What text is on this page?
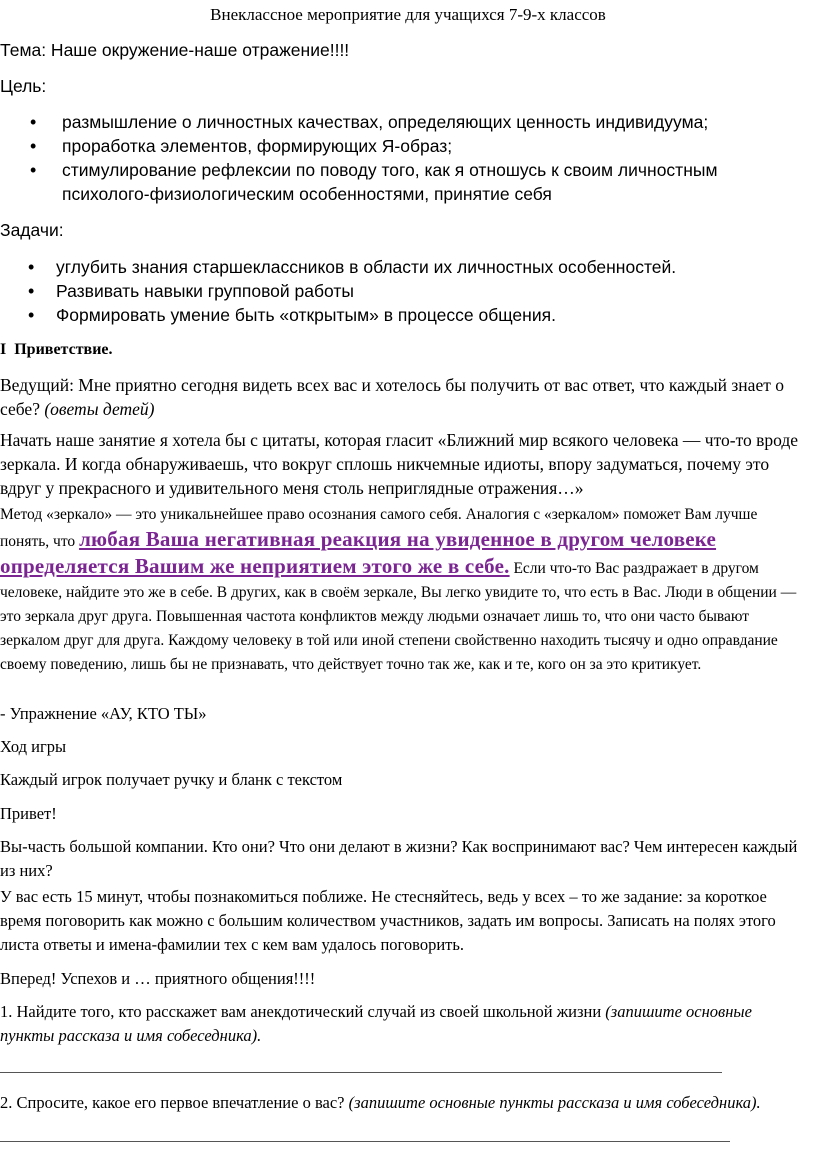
Внеклассное мероприятие для учащихся 7-9-х классов

Тема: Наше окружение-наше отражение!!!!

Цель:

• размышление о личностных качествах, определяющих ценность индивидуума;
• проработка элементов, формирующих Я-образ;
• стимулирование рефлексии по поводу того, как я отношусь к своим личностным психолого-физиологическим особенностями, принятие себя

Задачи:

• углубить знания старшеклассников в области их личностных особенностей.
• Развивать навыки групповой работы
• Формировать умение быть «открытым» в процессе общения.

I Приветствие.

Ведущий: Мне приятно сегодня видеть всех вас и хотелось бы получить от вас ответ, что каждый знает о себе? (оветы детей)

Начать наше занятие я хотела бы с цитаты, которая гласит «Ближний мир всякого человека — что-то вроде зеркала. И когда обнаруживаешь, что вокруг сплошь никчемные идиоты, впору задуматься, почему это вдруг у прекрасного и удивительного меня столь неприглядные отражения…»

Метод «зеркало» — это уникальнейшее право осознания самого себя. Аналогия с «зеркалом» поможет Вам лучше понять, что любая Ваша негативная реакция на увиденное в другом человеке определяется Вашим же неприятием этого же в себе. Если что-то Вас раздражает в другом человеке, найдите это же в себе. В других, как в своём зеркале, Вы легко увидите то, что есть в Вас. Люди в общении — это зеркала друг друга. Повышенная частота конфликтов между людьми означает лишь то, что они часто бывают зеркалом друг для друга. Каждому человеку в той или иной степени свойственно находить тысячу и одно оправдание своему поведению, лишь бы не признавать, что действует точно так же, как и те, кого он за это критикует.

- Упражнение «АУ, КТО ТЫ»

Ход игры

Каждый игрок получает ручку и бланк с текстом

Привет!

Вы-часть большой компании. Кто они? Что они делают в жизни? Как воспринимают вас? Чем интересен каждый из них?

У вас есть 15 минут, чтобы познакомиться поближе. Не стесняйтесь, ведь у всех – то же задание: за короткое время поговорить как можно с большим количеством участников, задать им вопросы. Записать на полях этого листа ответы и имена-фамилии тех с кем вам удалось поговорить.

Вперед! Успехов и … приятного общения!!!!

1. Найдите того, кто расскажет вам анекдотический случай из своей школьной жизни (запишите основные пункты рассказа и имя собеседника).

2. Спросите, какое его первое впечатление о вас? (запишите основные пункты рассказа и имя собеседника).
